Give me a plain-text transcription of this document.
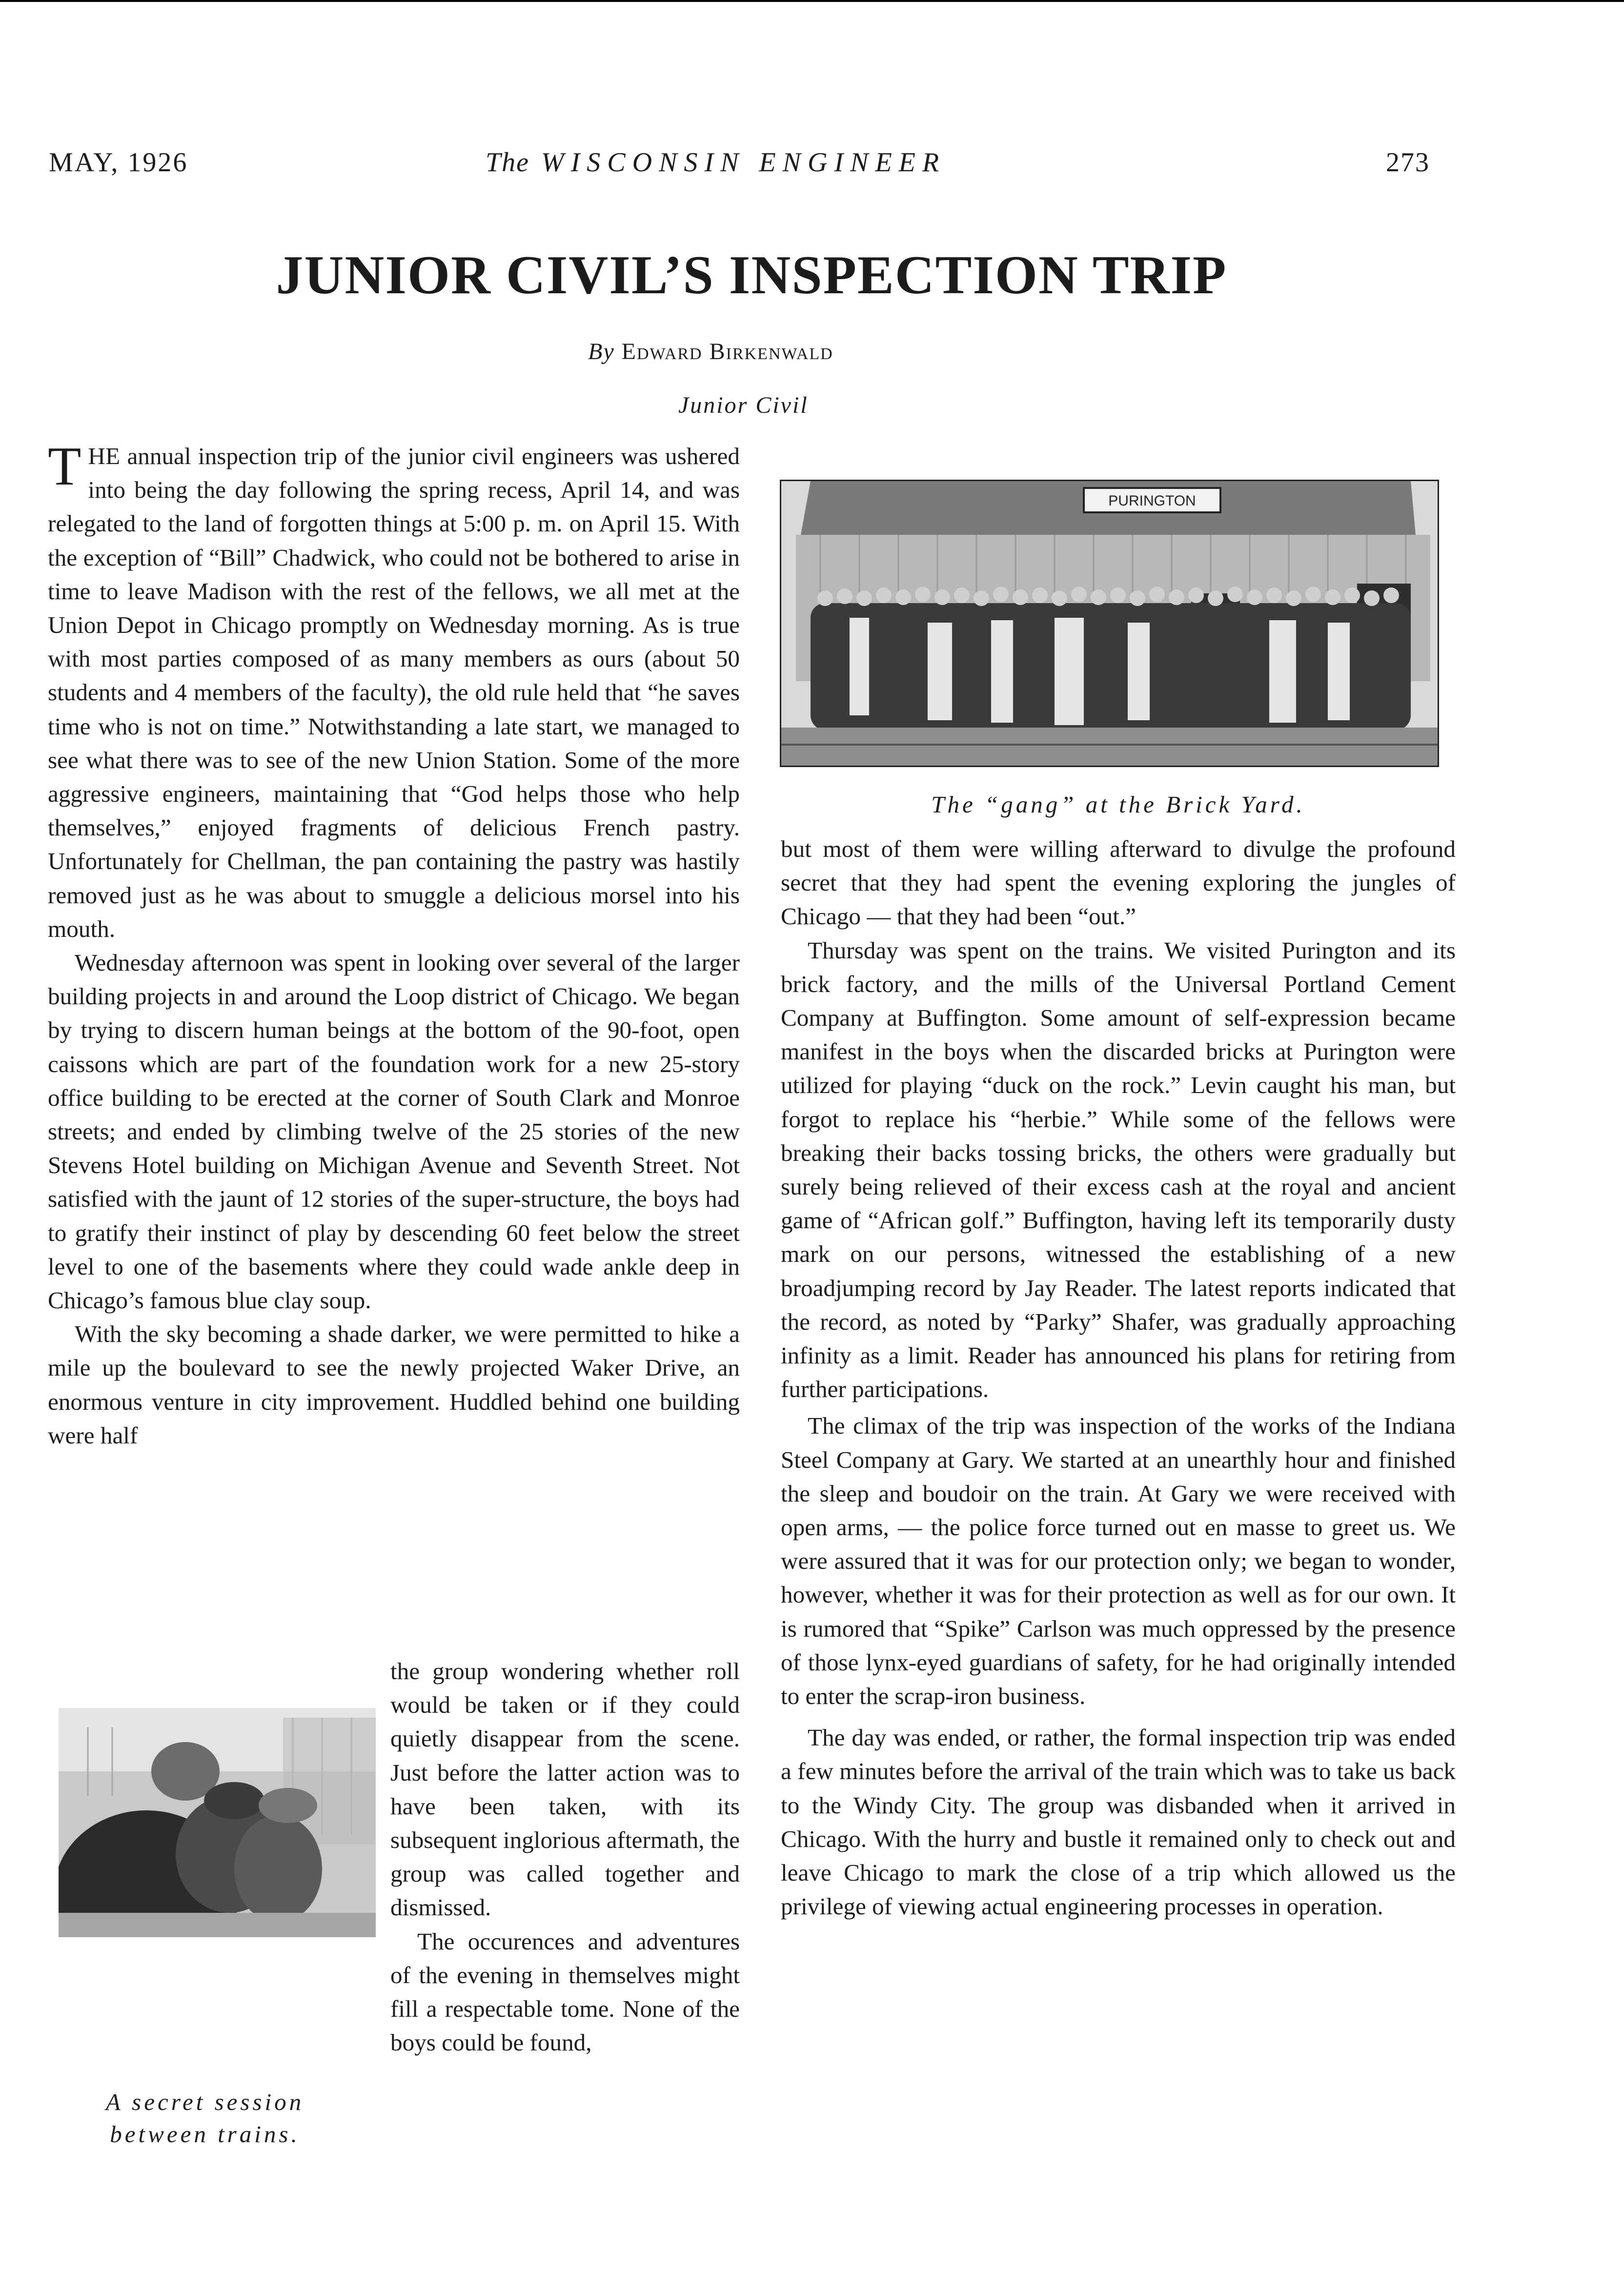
MAY, 1926	The WISCONSIN ENGINEER	273
JUNIOR CIVIL’S INSPECTION TRIP
By Edward Birkenwald
Junior Civil

T HE annual inspection trip of the junior civil engineers was ushered into being the day following the spring recess, April 14, and was relegated to the land of forgotten things at 5:00 p. m. on April 15. With the exception of “Bill” Chadwick, who could not be bothered to arise in time to leave Madison with the rest of the fellows, we all met at the Union Depot in Chicago promptly on Wednesday morning. As is true with most parties composed of as many members as ours (about 50 students and 4 members of the faculty), the old rule held that “he saves time who is not on time.” Notwithstanding a late start, we managed to see what there was to see of the new Union Station. Some of the more aggressive engineers, maintaining that “God helps those who help themselves,” enjoyed fragments of delicious French pastry. Unfortunately for Chellman, the pan containing the pastry was hastily removed just as he was about to smuggle a delicious morsel into his mouth.

Wednesday afternoon was spent in looking over several of the larger building projects in and around the Loop district of Chicago. We began by trying to discern human beings at the bottom of the 90-foot, open caissons which are part of the foundation work for a new 25-story office building to be erected at the corner of South Clark and Monroe streets; and ended by climbing twelve of the 25 stories of the new Stevens Hotel building on Michigan Avenue and Seventh Street. Not satisfied with the jaunt of 12 stories of the super-structure, the boys had to gratify their instinct of play by descending 60 feet below the street level to one of the basements where they could wade ankle deep in Chicago’s famous blue clay soup.

With the sky becoming a shade darker, we were permitted to hike a mile up the boulevard to see the newly projected Waker Drive, an enormous venture in city improvement. Huddled behind one building were half

the group wondering whether roll would be taken or if they could quietly disappear from the scene. Just before the latter action was to have been taken, with its subsequent inglorious aftermath, the group was called together and dismissed.

The occurences and adventures of the evening in themselves might fill a respectable tome. None of the boys could be found,

PURINGTON
The “gang” at the Brick Yard.
A secret session
between trains.

but most of them were willing afterward to divulge the profound secret that they had spent the evening exploring the jungles of Chicago — that they had been “out.”

Thursday was spent on the trains. We visited Purington and its brick factory, and the mills of the Universal Portland Cement Company at Buffington. Some amount of self-expression became manifest in the boys when the discarded bricks at Purington were utilized for playing “duck on the rock.” Levin caught his man, but forgot to replace his “herbie.” While some of the fellows were breaking their backs tossing bricks, the others were gradually but surely being relieved of their excess cash at the royal and ancient game of “African golf.” Buffington, having left its temporarily dusty mark on our persons, witnessed the establishing of a new broadjumping record by Jay Reader. The latest reports indicated that the record, as noted by “Parky” Shafer, was gradually approaching infinity as a limit. Reader has announced his plans for retiring from further participations.

The climax of the trip was inspection of the works of the Indiana Steel Company at Gary. We started at an unearthly hour and finished the sleep and boudoir on the train. At Gary we were received with open arms, — the police force turned out en masse to greet us. We were assured that it was for our protection only; we began to wonder, however, whether it was for their protection as well as for our own. It is rumored that “Spike” Carlson was much oppressed by the presence of those lynx-eyed guardians of safety, for he had originally intended to enter the scrap-iron business.

The day was ended, or rather, the formal inspection trip was ended a few minutes before the arrival of the train which was to take us back to the Windy City. The group was disbanded when it arrived in Chicago. With the hurry and bustle it remained only to check out and leave Chicago to mark the close of a trip which allowed us the privilege of viewing actual engineering processes in operation.
